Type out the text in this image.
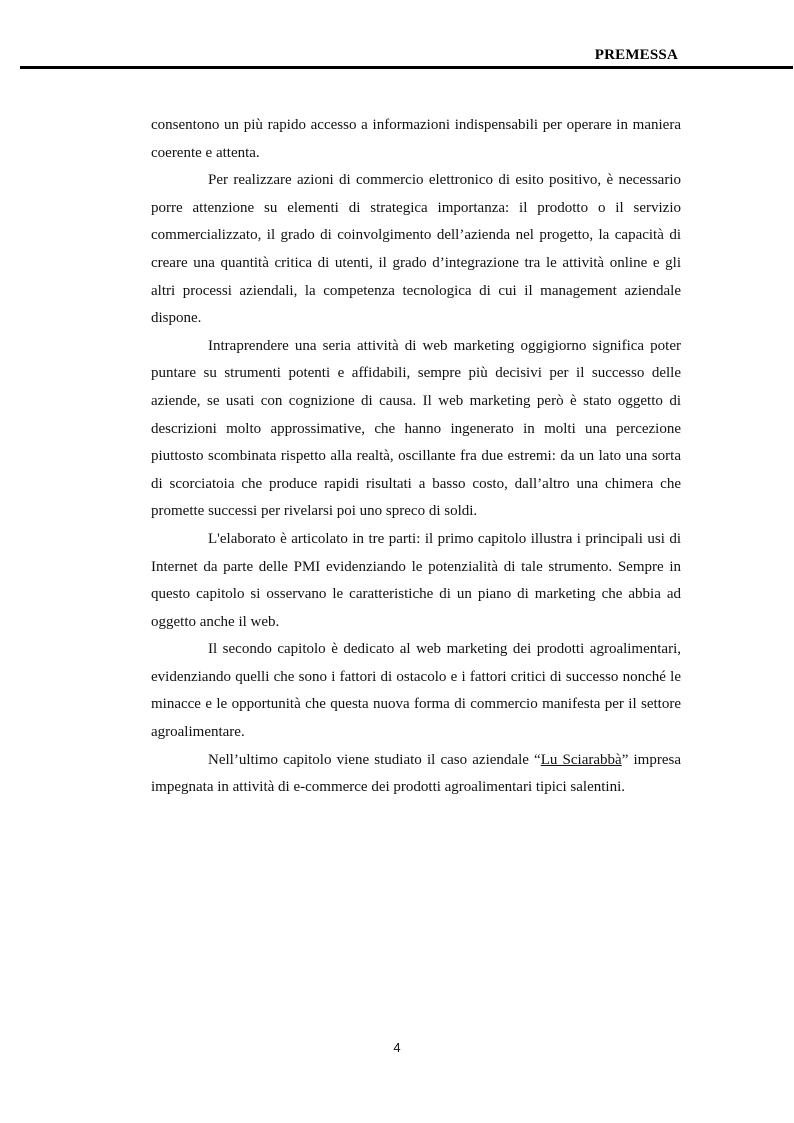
PREMESSA

consentono un più rapido accesso a informazioni indispensabili per operare in maniera coerente e attenta.

Per realizzare azioni di commercio elettronico di esito positivo, è necessario porre attenzione su elementi di strategica importanza: il prodotto o il servizio commercializzato, il grado di coinvolgimento dell’azienda nel progetto, la capacità di creare una quantità critica di utenti, il grado d’integrazione tra le attività online e gli altri processi aziendali, la competenza tecnologica di cui il management aziendale dispone.

Intraprendere una seria attività di web marketing oggigiorno significa poter puntare su strumenti potenti e affidabili, sempre più decisivi per il successo delle aziende, se usati con cognizione di causa. Il web marketing però è stato oggetto di descrizioni molto approssimative, che hanno ingenerato in molti una percezione piuttosto scombinata rispetto alla realtà, oscillante fra due estremi: da un lato una sorta di scorciatoia che produce rapidi risultati a basso costo, dall’altro una chimera che promette successi per rivelarsi poi uno spreco di soldi.

L'elaborato è articolato in tre parti: il primo capitolo illustra i principali usi di Internet da parte delle PMI evidenziando le potenzialità di tale strumento. Sempre in questo capitolo si osservano le caratteristiche di un piano di marketing che abbia ad oggetto anche il web.

Il secondo capitolo è dedicato al web marketing dei prodotti agroalimentari, evidenziando quelli che sono i fattori di ostacolo e i fattori critici di successo nonché le minacce e le opportunità che questa nuova forma di commercio manifesta per il settore agroalimentare.

Nell’ultimo capitolo viene studiato il caso aziendale “Lu Sciarabbà” impresa impegnata in attività di e-commerce dei prodotti agroalimentari tipici salentini.

4
